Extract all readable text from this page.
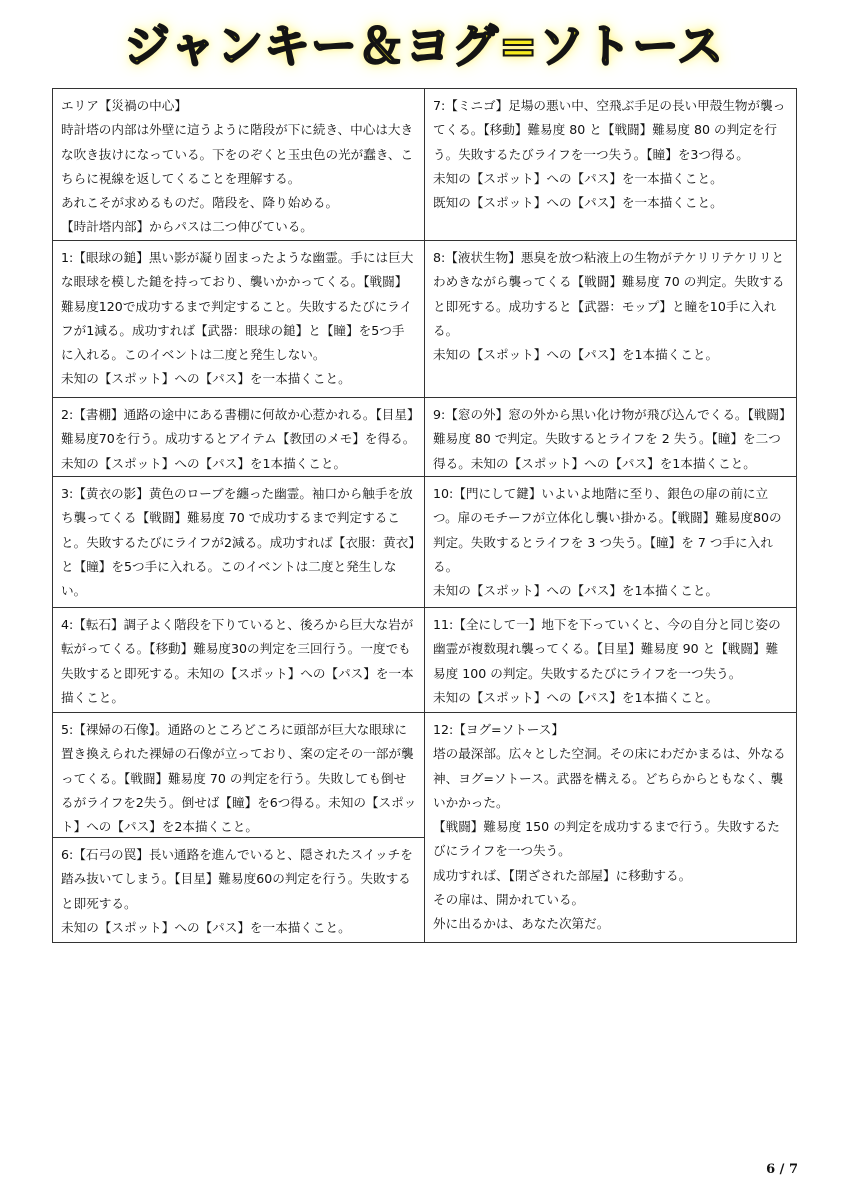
ジャンキー＆ヨグ=ソトース

エリア【災禍の中心】

時計塔の内部は外壁に這うように階段が下に続き、中心は大きな吹き抜けになっている。下をのぞくと玉虫色の光が蠢き、こちらに視線を返してくることを理解する。

あれこそが求めるものだ。階段を、降り始める。

【時計塔内部】からパスは二つ伸びている。

1:【眼球の鎚】黒い影が凝り固まったような幽霊。手には巨大な眼球を模した鎚を持っており、襲いかかってくる。【戦闘】難易度120で成功するまで判定すること。失敗するたびにライフが1減る。成功すれば【武器：眼球の鎚】と【瞳】を5つ手に入れる。このイベントは二度と発生しない。

未知の【スポット】への【パス】を一本描くこと。

2:【書棚】通路の途中にある書棚に何故か心惹かれる。【目星】難易度70を行う。成功するとアイテム【教団のメモ】を得る。未知の【スポット】への【パス】を1本描くこと。

3:【黄衣の影】黄色のローブを纏った幽霊。袖口から触手を放ち襲ってくる【戦闘】難易度 70 で成功するまで判定すること。失敗するたびにライフが2減る。成功すれば【衣服：黄衣】と【瞳】を5つ手に入れる。このイベントは二度と発生しない。

4:【転石】調子よく階段を下りていると、後ろから巨大な岩が転がってくる。【移動】難易度30の判定を三回行う。一度でも失敗すると即死する。未知の【スポット】への【パス】を一本描くこと。

5:【裸婦の石像】。通路のところどころに頭部が巨大な眼球に置き換えられた裸婦の石像が立っており、案の定その一部が襲ってくる。【戦闘】難易度 70 の判定を行う。失敗しても倒せるがライフを2失う。倒せば【瞳】を6つ得る。未知の【スポット】への【パス】を2本描くこと。

6:【石弓の罠】長い通路を進んでいると、隠されたスイッチを踏み抜いてしまう。【目星】難易度60の判定を行う。失敗すると即死する。

未知の【スポット】への【パス】を一本描くこと。

7:【ミニゴ】足場の悪い中、空飛ぶ手足の長い甲殻生物が襲ってくる。【移動】難易度 80 と【戦闘】難易度 80 の判定を行う。失敗するたびライフを一つ失う。【瞳】を3つ得る。

未知の【スポット】への【パス】を一本描くこと。

既知の【スポット】への【パス】を一本描くこと。

8:【液状生物】悪臭を放つ粘液上の生物がテケリリテケリリとわめきながら襲ってくる【戦闘】難易度 70 の判定。失敗すると即死する。成功すると【武器：モップ】と瞳を10手に入れる。

未知の【スポット】への【パス】を1本描くこと。

9:【窓の外】窓の外から黒い化け物が飛び込んでくる。【戦闘】難易度 80 で判定。失敗するとライフを 2 失う。【瞳】を二つ得る。未知の【スポット】への【パス】を1本描くこと。

10:【門にして鍵】いよいよ地階に至り、銀色の扉の前に立つ。扉のモチーフが立体化し襲い掛かる。【戦闘】難易度80の判定。失敗するとライフを 3 つ失う。【瞳】を 7 つ手に入れる。

未知の【スポット】への【パス】を1本描くこと。

11:【全にして一】地下を下っていくと、今の自分と同じ姿の幽霊が複数現れ襲ってくる。【目星】難易度 90 と【戦闘】難易度 100 の判定。失敗するたびにライフを一つ失う。

未知の【スポット】への【パス】を1本描くこと。

12:【ヨグ=ソトース】

塔の最深部。広々とした空洞。その床にわだかまるは、外なる神、ヨグ=ソトース。武器を構える。どちらからともなく、襲いかかった。

【戦闘】難易度 150 の判定を成功するまで行う。失敗するたびにライフを一つ失う。

成功すれば、【閉ざされた部屋】に移動する。

その扉は、開かれている。

外に出るかは、あなた次第だ。

6 / 7
